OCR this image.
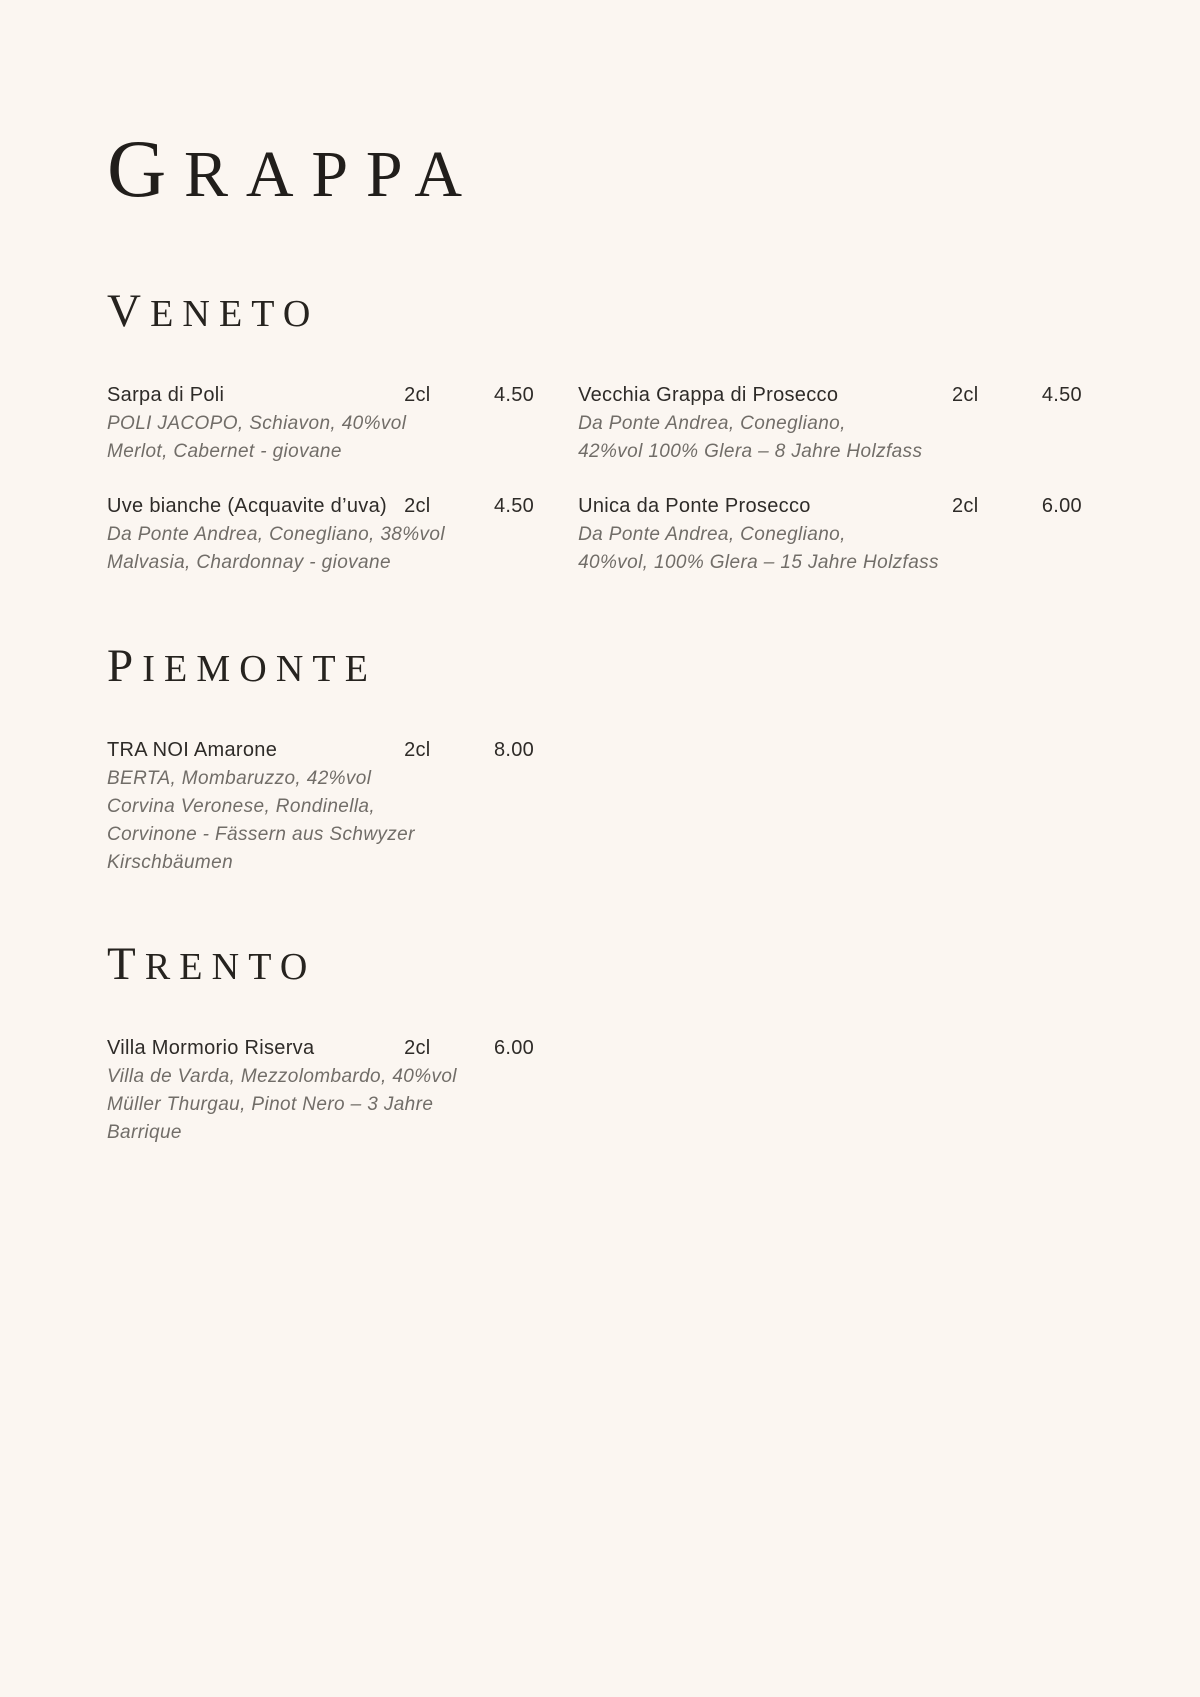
GRAPPA
VENETO
Sarpa di Poli	2cl	4.50
POLI JACOPO, Schiavon, 40%vol
Merlot, Cabernet - giovane
Vecchia Grappa di Prosecco	2cl	4.50
Da Ponte Andrea, Conegliano,
42%vol 100% Glera – 8 Jahre Holzfass
Uve bianche (Acquavite d’uva) 2cl	4.50
Da Ponte Andrea, Conegliano, 38%vol
Malvasia, Chardonnay - giovane
Unica da Ponte Prosecco	2cl	6.00
Da Ponte Andrea, Conegliano,
40%vol, 100% Glera – 15 Jahre Holzfass
PIEMONTE
TRA NOI Amarone	2cl	8.00
BERTA, Mombaruzzo, 42%vol
Corvina Veronese, Rondinella,
Corvinone - Fässern aus Schwyzer
Kirschbäumen
TRENTO
Villa Mormorio Riserva	2cl	6.00
Villa de Varda, Mezzolombardo, 40%vol
Müller Thurgau, Pinot Nero – 3 Jahre
Barrique
